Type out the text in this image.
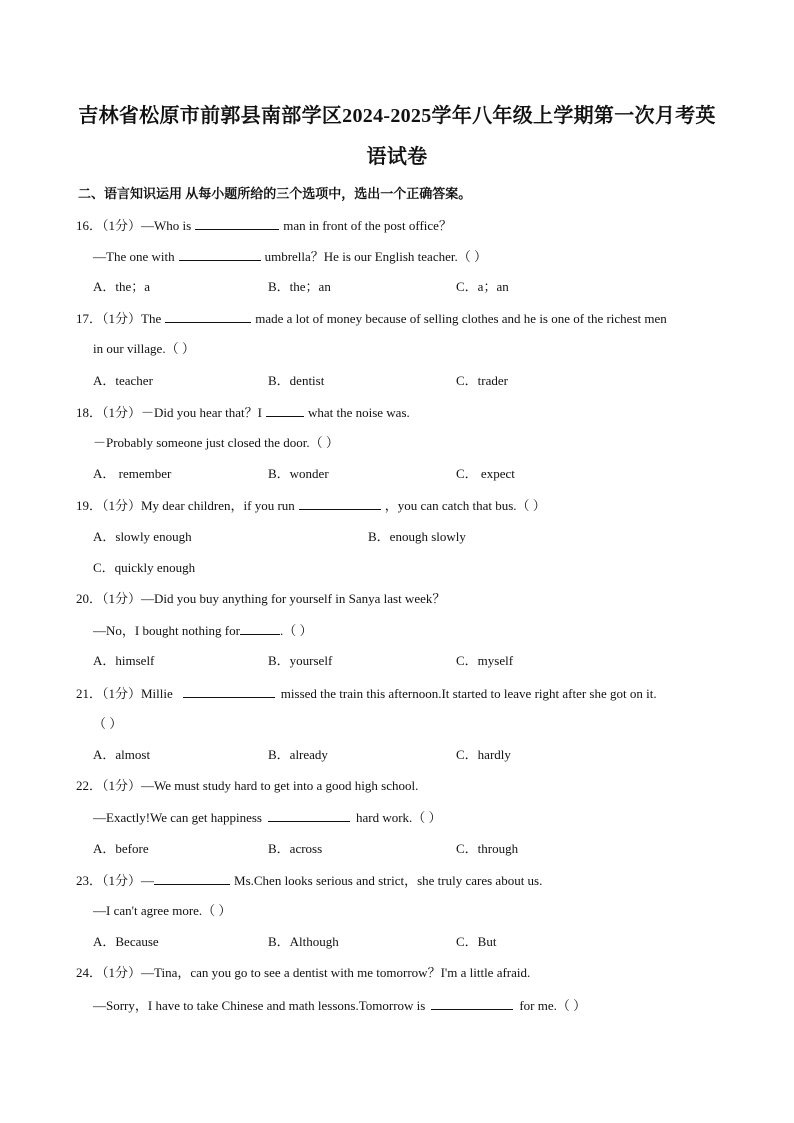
吉林省松原市前郭县南部学区2024-2025学年八年级上学期第一次月考英
语试卷
二、语言知识运用 从每小题所给的三个选项中，选出一个正确答案。
16．（1分）—Who is	man in front of the post office？
—The one with	umbrella？He is our English teacher.（ ）
A．the；a	B．the；an	C．a；an
17．（1分）The	made a lot of money because of selling clothes and he is one of the richest men
in our village.（ ）
A．teacher	B．dentist	C．trader
18．（1分）－Did you hear that？I	what the noise was.
－Probably someone just closed the door.（ ）
A． remember	B．wonder	C． expect
19．（1分）My dear children，if you run	，you can catch that bus.（ ）
A．slowly enough	B．enough slowly
C．quickly enough
20．（1分）—Did you buy anything for yourself in Sanya last week？
—No，I bought nothing for	.（ ）
A．himself	B．yourself	C．myself
21．（1分）Millie	missed the train this afternoon.It started to leave right after she got on it.
（ ）
A．almost	B．already	C．hardly
22．（1分）—We must study hard to get into a good high school.
—Exactly!We can get happiness	hard work.（ ）
A．before	B．across	C．through
23．（1分）—	Ms.Chen looks serious and strict，she truly cares about us.
—I can't agree more.（ ）
A．Because	B．Although	C．But
24．（1分）—Tina，can you go to see a dentist with me tomorrow？I'm a little afraid.
—Sorry，I have to take Chinese and math lessons.Tomorrow is	for me.（ ）
